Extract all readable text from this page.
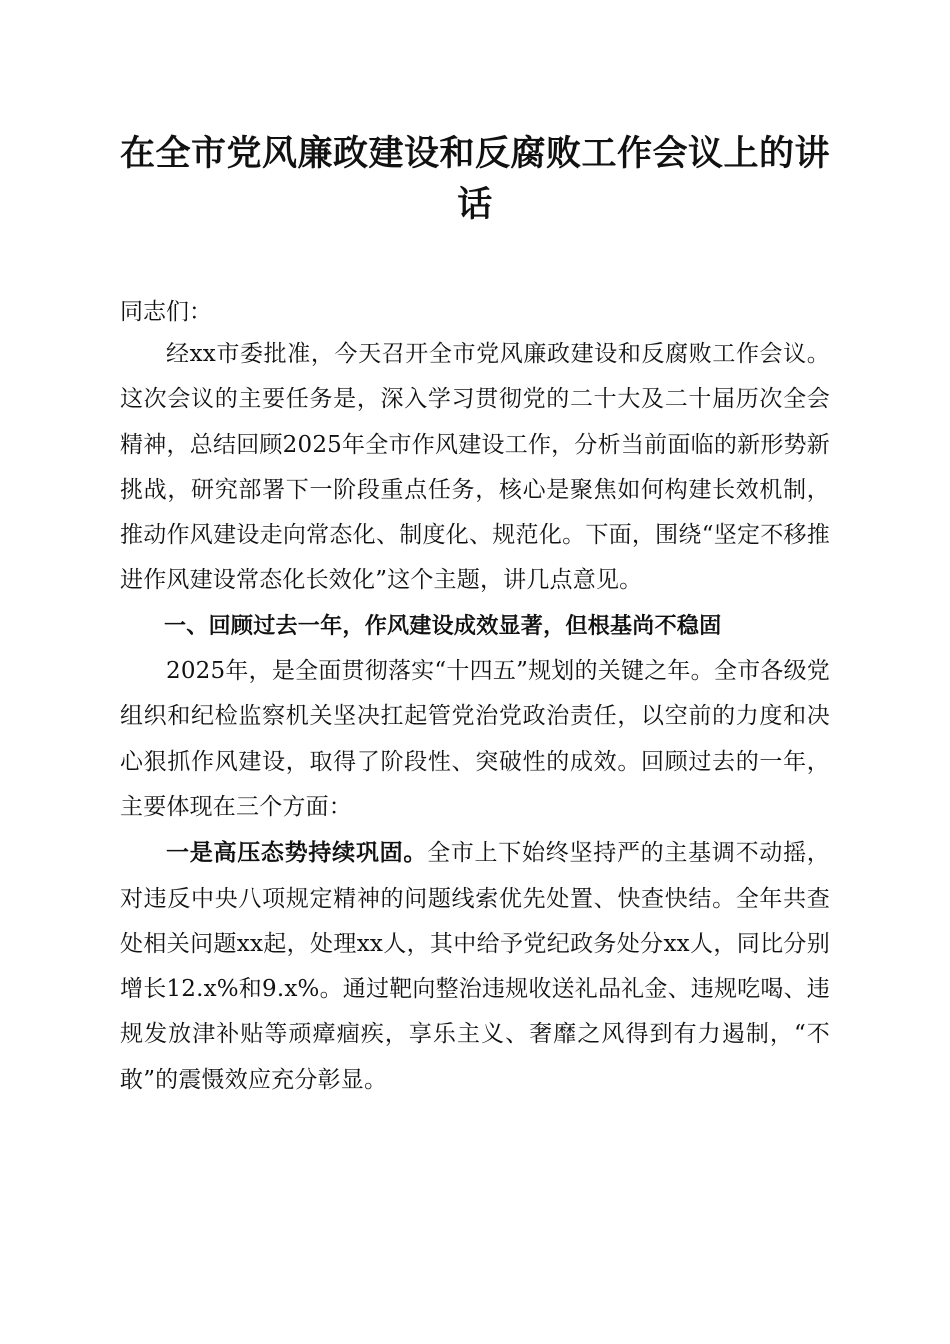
在全市党风廉政建设和反腐败工作会议上的讲话
同志们：

经xx市委批准，今天召开全市党风廉政建设和反腐败工作会议。这次会议的主要任务是，深入学习贯彻党的二十大及二十届历次全会精神，总结回顾2025年全市作风建设工作，分析当前面临的新形势新挑战，研究部署下一阶段重点任务，核心是聚焦如何构建长效机制，推动作风建设走向常态化、制度化、规范化。下面，围绕“坚定不移推进作风建设常态化长效化”这个主题，讲几点意见。

一、回顾过去一年，作风建设成效显著，但根基尚不稳固

2025年，是全面贯彻落实“十四五”规划的关键之年。全市各级党组织和纪检监察机关坚决扛起管党治党政治责任，以空前的力度和决心狠抓作风建设，取得了阶段性、突破性的成效。回顾过去的一年，主要体现在三个方面：

一是高压态势持续巩固。全市上下始终坚持严的主基调不动摇，对违反中央八项规定精神的问题线索优先处置、快查快结。全年共查处相关问题xx起，处理xx人，其中给予党纪政务处分xx人，同比分别增长12.x%和9.x%。通过靶向整治违规收送礼品礼金、违规吃喝、违规发放津补贴等顽瘴痼疾，享乐主义、奢靡之风得到有力遏制，“不敢”的震慑效应充分彰显。
